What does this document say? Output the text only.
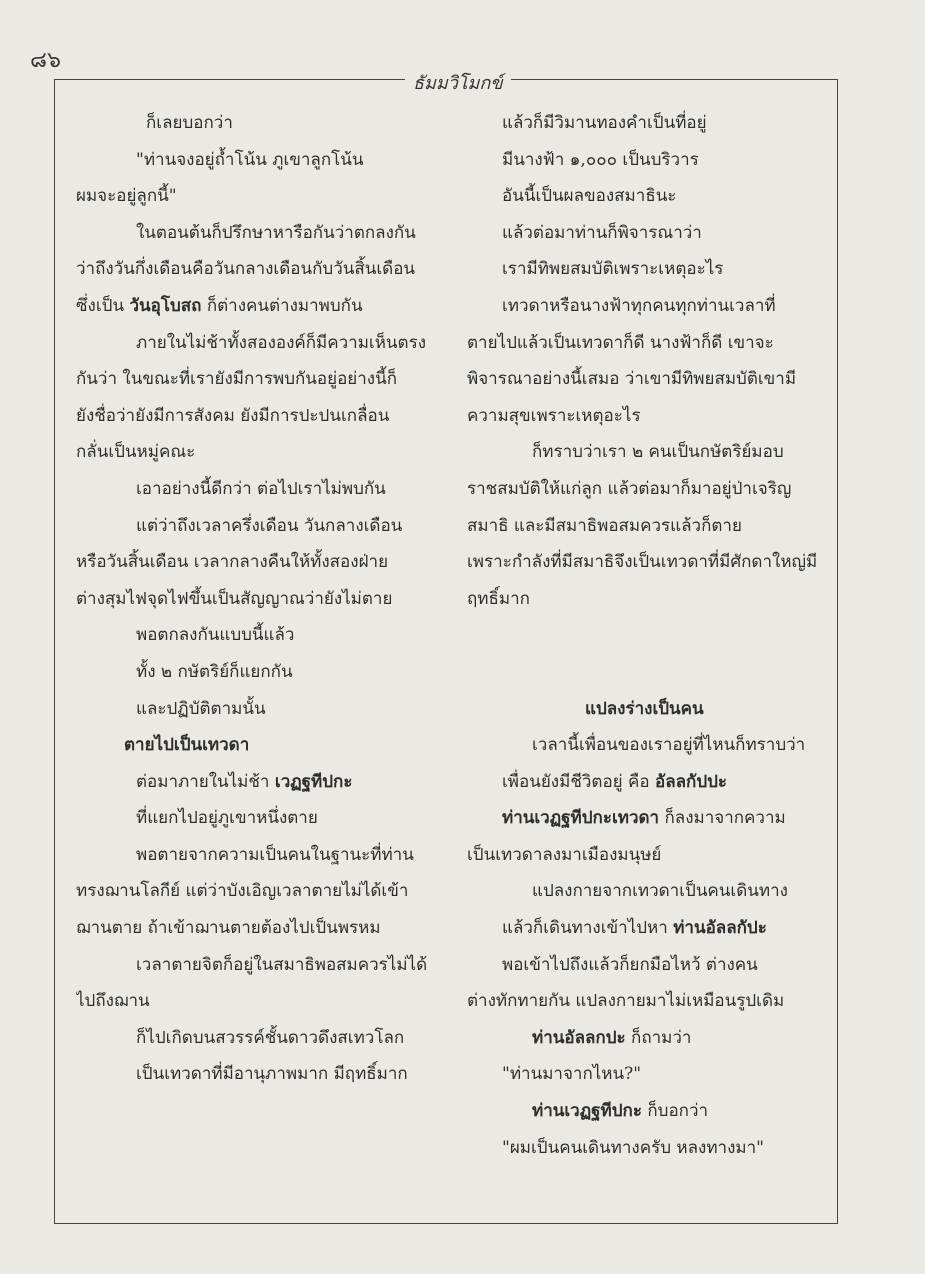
๘๖
ธัมมวิโมกข์
ก็เลยบอกว่า
"ท่านจงอยู่ถ้ำโน้น ภูเขาลูกโน้น
ผมจะอยู่ลูกนี้"
ในตอนต้นก็ปรึกษาหารือกันว่าตกลงกัน
ว่าถึงวันกึ่งเดือนคือวันกลางเดือนกับวันสิ้นเดือน
ซึ่งเป็น วันอุโบสถ ก็ต่างคนต่างมาพบกัน
ภายในไม่ช้าทั้งสององค์ก็มีความเห็นตรง
กันว่า ในขณะที่เรายังมีการพบกันอยู่อย่างนี้ก็
ยังชื่อว่ายังมีการสังคม ยังมีการปะปนเกลื่อน
กลั่นเป็นหมู่คณะ
เอาอย่างนี้ดีกว่า ต่อไปเราไม่พบกัน
แต่ว่าถึงเวลาครึ่งเดือน วันกลางเดือน
หรือวันสิ้นเดือน เวลากลางคืนให้ทั้งสองฝ่าย
ต่างสุมไฟจุดไฟขึ้นเป็นสัญญาณว่ายังไม่ตาย
พอตกลงกันแบบนี้แล้ว
ทั้ง ๒ กษัตริย์ก็แยกกัน
และปฏิบัติตามนั้น
ตายไปเป็นเทวดา
ต่อมาภายในไม่ช้า เวฏฐทีปกะ
ที่แยกไปอยู่ภูเขาหนึ่งตาย
พอตายจากความเป็นคนในฐานะที่ท่าน
ทรงฌานโลกีย์ แต่ว่าบังเอิญเวลาตายไม่ได้เข้า
ฌานตาย ถ้าเข้าฌานตายต้องไปเป็นพรหม
เวลาตายจิตก็อยู่ในสมาธิพอสมควรไม่ได้
ไปถึงฌาน
ก็ไปเกิดบนสวรรค์ชั้นดาวดึงสเทวโลก
เป็นเทวดาที่มีอานุภาพมาก มีฤทธิ์มาก
แล้วก็มีวิมานทองคำเป็นที่อยู่
มีนางฟ้า ๑,๐๐๐ เป็นบริวาร
อันนี้เป็นผลของสมาธินะ
แล้วต่อมาท่านก็พิจารณาว่า
เรามีทิพยสมบัติเพราะเหตุอะไร
เทวดาหรือนางฟ้าทุกคนทุกท่านเวลาที่
ตายไปแล้วเป็นเทวดาก็ดี นางฟ้าก็ดี เขาจะ
พิจารณาอย่างนี้เสมอ ว่าเขามีทิพยสมบัติเขามี
ความสุขเพราะเหตุอะไร
ก็ทราบว่าเรา ๒ คนเป็นกษัตริย์มอบ
ราชสมบัติให้แก่ลูก แล้วต่อมาก็มาอยู่ป่าเจริญ
สมาธิ และมีสมาธิพอสมควรแล้วก็ตาย
เพราะกำลังที่มีสมาธิจึงเป็นเทวดาที่มีศักดาใหญ่มี
ฤทธิ์มาก
แปลงร่างเป็นคน
เวลานี้เพื่อนของเราอยู่ที่ไหนก็ทราบว่า
เพื่อนยังมีชีวิตอยู่ คือ อัลลกัปปะ
ท่านเวฏฐทีปกะเทวดา ก็ลงมาจากความ
เป็นเทวดาลงมาเมืองมนุษย์
แปลงกายจากเทวดาเป็นคนเดินทาง
แล้วก็เดินทางเข้าไปหา ท่านอัลลกัปะ
พอเข้าไปถึงแล้วก็ยกมือไหว้ ต่างคน
ต่างทักทายกัน แปลงกายมาไม่เหมือนรูปเดิม
ท่านอัลลกปะ ก็ถามว่า
"ท่านมาจากไหน?"
ท่านเวฏฐทีปกะ ก็บอกว่า
"ผมเป็นคนเดินทางครับ หลงทางมา"
